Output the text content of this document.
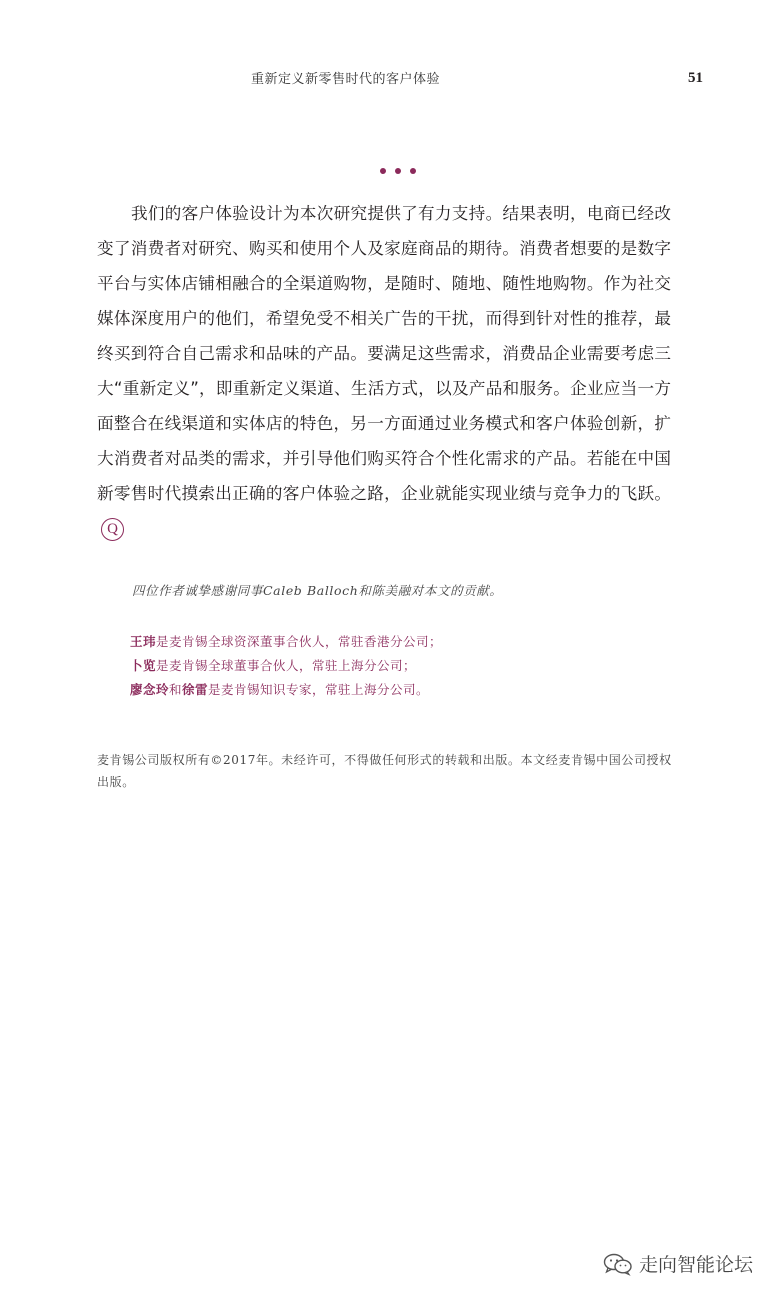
重新定义新零售时代的客户体验	51
我们的客户体验设计为本次研究提供了有力支持。结果表明，电商已经改变了消费者对研究、购买和使用个人及家庭商品的期待。消费者想要的是数字平台与实体店铺相融合的全渠道购物，是随时、随地、随性地购物。作为社交媒体深度用户的他们，希望免受不相关广告的干扰，而得到针对性的推荐，最终买到符合自己需求和品味的产品。要满足这些需求，消费品企业需要考虑三大“重新定义”，即重新定义渠道、生活方式，以及产品和服务。企业应当一方面整合在线渠道和实体店的特色，另一方面通过业务模式和客户体验创新，扩大消费者对品类的需求，并引导他们购买符合个性化需求的产品。若能在中国新零售时代摸索出正确的客户体验之路，企业就能实现业绩与竞争力的飞跃。Q
四位作者诚挚感谢同事Caleb Balloch和陈美融对本文的贡献。
王玮是麦肯锡全球资深董事合伙人，常驻香港分公司；
卜览是麦肯锡全球董事合伙人，常驻上海分公司；
廖念玲和徐雷是麦肯锡知识专家，常驻上海分公司。
麦肯锡公司版权所有©2017年。未经许可，不得做任何形式的转载和出版。本文经麦肯锡中国公司授权出版。
走向智能论坛
